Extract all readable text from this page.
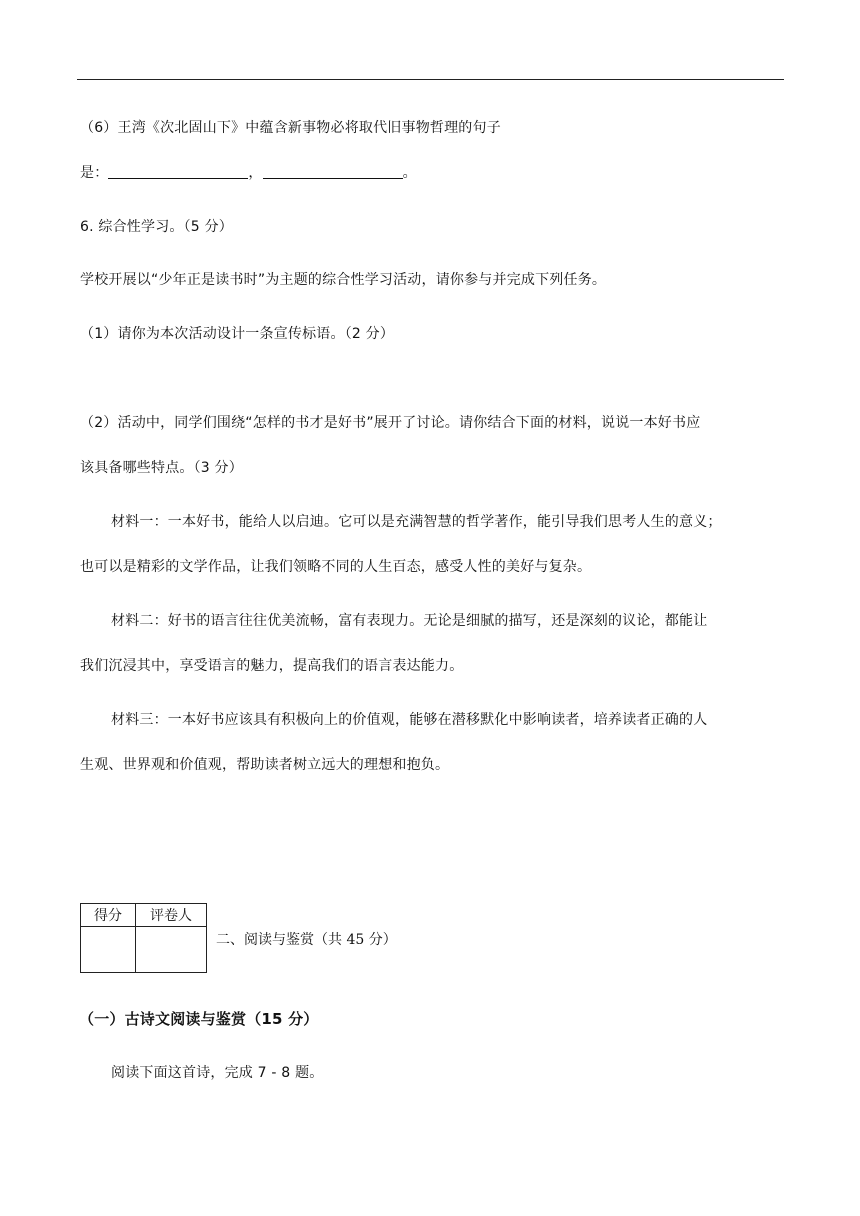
（6）王湾《次北固山下》中蕴含新事物必将取代旧事物哲理的句子
是：	，	。
6. 综合性学习。（5 分）
学校开展以“少年正是读书时”为主题的综合性学习活动，请你参与并完成下列任务。
（1）请你为本次活动设计一条宣传标语。（2 分）
（2）活动中，同学们围绕“怎样的书才是好书”展开了讨论。请你结合下面的材料，说说一本好书应
该具备哪些特点。（3 分）
材料一：一本好书，能给人以启迪。它可以是充满智慧的哲学著作，能引导我们思考人生的意义；
也可以是精彩的文学作品，让我们领略不同的人生百态，感受人性的美好与复杂。
材料二：好书的语言往往优美流畅，富有表现力。无论是细腻的描写，还是深刻的议论，都能让
我们沉浸其中，享受语言的魅力，提高我们的语言表达能力。
材料三：一本好书应该具有积极向上的价值观，能够在潜移默化中影响读者，培养读者正确的人
生观、世界观和价值观，帮助读者树立远大的理想和抱负。
得分	评卷人

二、阅读与鉴赏（共 45 分）
（一）古诗文阅读与鉴赏（15 分）
阅读下面这首诗，完成 7 - 8 题。
